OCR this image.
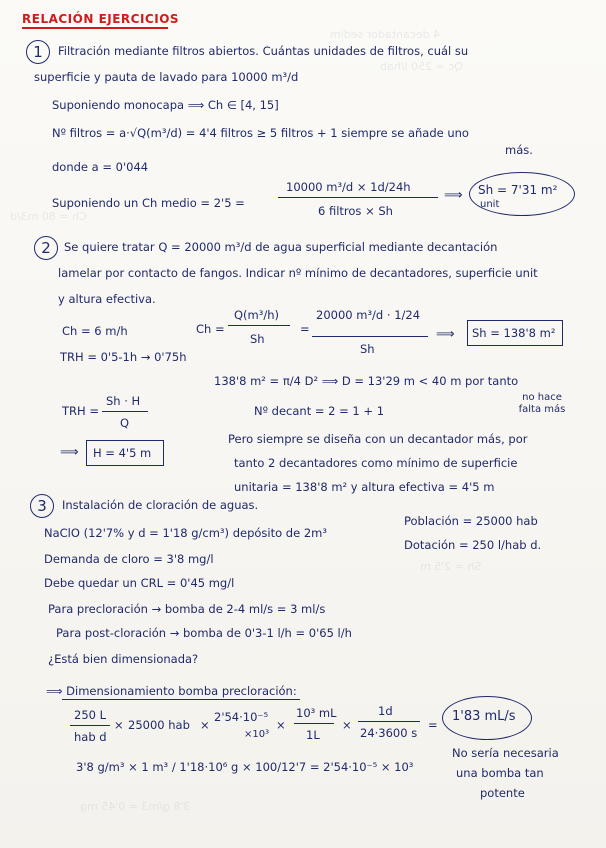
4 decantador sedim
Qc = 250 l/hab
Ch = 80 m3/d
Sh = 2'5 m
3'8 g/m3 = 0'45 mg
RELACIÓN EJERCICIOS
1	Filtración mediante filtros abiertos. Cuántas unidades de filtros, cuál su
superficie y pauta de lavado para 10000 m³/d
Suponiendo monocapa ⟹ Ch ∈ [4, 15]
Nº filtros = a·√Q(m³/d) = 4'4 filtros ≥ 5 filtros + 1 siempre se añade uno
más.
donde a = 0'044
Suponiendo un Ch medio = 2'5 =
10000 m³/d × 1d/24h
6 filtros × Sh
⟹ Sh = 7'31 m²
unit
2	Se quiere tratar Q = 20000 m³/d de agua superficial mediante decantación
lamelar por contacto de fangos. Indicar nº mínimo de decantadores, superficie unit
y altura efectiva.
Ch = 6 m/h
TRH = 0'5-1h → 0'75h
Ch =
Q(m³/h)
Sh
=
20000 m³/d · 1/24
Sh
⟹ Sh = 138'8 m²
138'8 m² = π/4 D² ⟹ D = 13'29 m < 40 m por tanto
no hace falta más
Nº decant = 2 = 1 + 1
TRH =
Sh · H
Q
⟹ H = 4'5 m
Pero siempre se diseña con un decantador más, por
tanto 2 decantadores como mínimo de superficie
unitaria = 138'8 m² y altura efectiva = 4'5 m
3	Instalación de cloración de aguas.
NaClO (12'7% y d = 1'18 g/cm³) depósito de 2m³
Población = 25000 hab
Dotación = 250 l/hab d.
Demanda de cloro = 3'8 mg/l
Debe quedar un CRL = 0'45 mg/l
Para precloración → bomba de 2-4 ml/s = 3 ml/s
Para post-cloración → bomba de 0'3-1 l/h = 0'65 l/h
¿Está bien dimensionada?
⟹ Dimensionamiento bomba precloración:
250 L
hab d
× 25000 hab ×
2'54·10⁻⁵
×10³
×
10³ mL
1L
×
1d
24·3600 s
=
1'83 mL/s
3'8 g/m³ × 1 m³ / 1'18·10⁶ g × 100/12'7 = 2'54·10⁻⁵ × 10³
No sería necesaria
una bomba tan
potente
